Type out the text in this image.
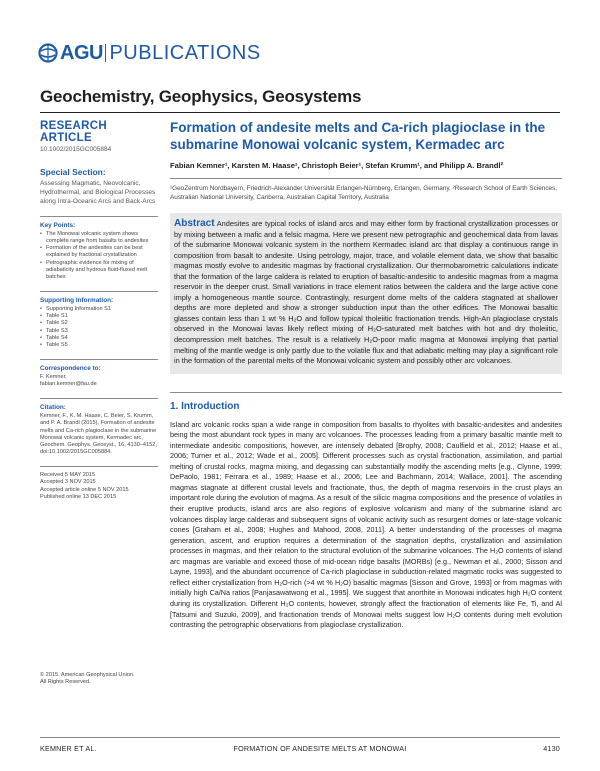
AGU PUBLICATIONS
Geochemistry, Geophysics, Geosystems
RESEARCH ARTICLE
10.1002/2015GC005884
Special Section:
Assessing Magmatic, Neovolcanic, Hydrothermal, and Biological Processes along Intra-Oceanic Arcs and Back-Arcs
Key Points:
• The Monowai volcanic system shows complete range from basalts to andesites
• Formation of the andesites can be best explained by fractional crystallization
• Petrographic evidence for mixing of adiabaticity and hydrous fluid-fluxed melt batches
Supporting Information:
• Supporting Information S1
• Table S1
• Table S2
• Table S3
• Table S4
• Table S5
Correspondence to:
F. Kemner,
fabian.kemner@fau.de
Citation:
Kemner, F., K. M. Haase, C. Beier, S. Krumm, and P. A. Brandl (2015), Formation of andesite melts and Ca-rich plagioclase in the submarine Monowai volcanic system, Kermadec arc, Geochem. Geophys. Geosyst., 16, 4130–4152, doi:10.1002/2015GC005884.
Received 5 MAY 2015
Accepted 3 NOV 2015
Accepted article online 5 NOV 2015
Published online 13 DEC 2015
© 2015. American Geophysical Union.
All Rights Reserved.
Formation of andesite melts and Ca-rich plagioclase in the submarine Monowai volcanic system, Kermadec arc
Fabian Kemner¹, Karsten M. Haase¹, Christoph Beier¹, Stefan Krumm¹, and Philipp A. Brandl²
¹GeoZentrum Nordbayern, Friedrich-Alexander Universität Erlangen-Nürnberg, Erlangen, Germany, ²Research School of Earth Sciences, Australian National University, Canberra, Australian Capital Territory, Australia

Abstract Andesites are typical rocks of island arcs and may either form by fractional crystallization processes or by mixing between a mafic and a felsic magma. Here we present new petrographic and geochemical data from lavas of the submarine Monowai volcanic system in the northern Kermadec island arc that display a continuous range in composition from basalt to andesite. Using petrology, major, trace, and volatile element data, we show that basaltic magmas mostly evolve to andesitic magmas by fractional crystallization. Our thermobarometric calculations indicate that the formation of the large caldera is related to eruption of basaltic-andesitic to andesitic magmas from a magma reservoir in the deeper crust. Small variations in trace element ratios between the caldera and the large active cone imply a homogeneous mantle source. Contrastingly, resurgent dome melts of the caldera stagnated at shallower depths are more depleted and show a stronger subduction input than the other edifices. The Monowai basaltic glasses contain less than 1 wt % H₂O and follow typical tholeiitic fractionation trends. High-An plagioclase crystals observed in the Monowai lavas likely reflect mixing of H₂O-saturated melt batches with hot and dry tholeiitic, decompression melt batches. The result is a relatively H₂O-poor mafic magma at Monowai implying that partial melting of the mantle wedge is only partly due to the volatile flux and that adiabatic melting may play a significant role in the formation of the parental melts of the Monowai volcanic system and possibly other arc volcanoes.

1. Introduction

Island arc volcanic rocks span a wide range in composition from basalts to rhyolites with basaltic-andesites and andesites being the most abundant rock types in many arc volcanoes. The processes leading from a primary basaltic mantle melt to intermediate andesitic compositions, however, are intensely debated [Brophy, 2008; Caulfield et al., 2012; Haase et al., 2006; Turner et al., 2012; Wade et al., 2005]. Different processes such as crystal fractionation, assimilation, and partial melting of crustal rocks, magma mixing, and degassing can substantially modify the ascending melts [e.g., Clynne, 1999; DePaolo, 1981; Ferrara et al., 1989; Haase et al., 2006; Lee and Bachmann, 2014; Wallace, 2001]. The ascending magmas stagnate at different crustal levels and fractionate, thus, the depth of magma reservoirs in the crust plays an important role during the evolution of magma. As a result of the silicic magma compositions and the presence of volatiles in their eruptive products, island arcs are also regions of explosive volcanism and many of the submarine island arc volcanoes display large calderas and subsequent signs of volcanic activity such as resurgent domes or late-stage volcanic cones [Graham et al., 2008; Hughes and Mahood, 2008, 2011]. A better understanding of the processes of magma generation, ascent, and eruption requires a determination of the stagnation depths, crystallization and assimilation processes in magmas, and their relation to the structural evolution of the submarine volcanoes. The H₂O contents of island arc magmas are variable and exceed those of mid-ocean ridge basalts (MORBs) [e.g., Newman et al., 2000; Sisson and Layne, 1993], and the abundant occurrence of Ca-rich plagioclase in subduction-related magmatic rocks was suggested to reflect either crystallization from H₂O-rich (>4 wt % H₂O) basaltic magmas [Sisson and Grove, 1993] or from magmas with initially high Ca/Na ratios [Panjasawatwong et al., 1995]. We suggest that anorthite in Monowai indicates high H₂O content during its crystallization. Different H₂O contents, however, strongly affect the fractionation of elements like Fe, Ti, and Al [Tatsumi and Suzuki, 2009], and fractionation trends of Monowai melts suggest low H₂O contents during melt evolution contrasting the petrographic observations from plagioclase crystallization.

KEMNER ET AL.	FORMATION OF ANDESITE MELTS AT MONOWAI	4130
